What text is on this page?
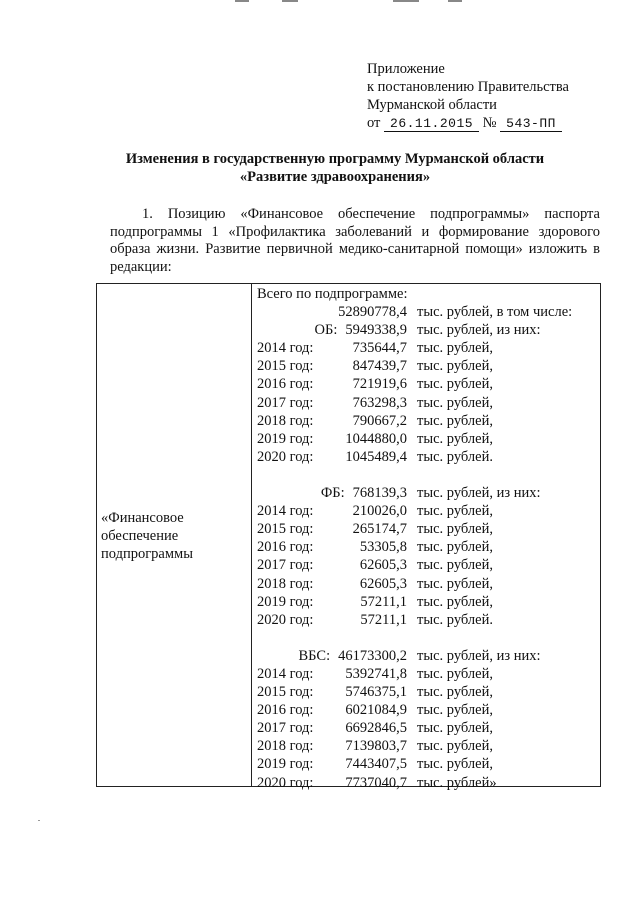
Приложение
к постановлению Правительства
Мурманской области
от 26.11.2015 № 543-ПП
Изменения в государственную программу Мурманской области
«Развитие здравоохранения»
1. Позицию «Финансовое обеспечение подпрограммы» паспорта подпрограммы 1 «Профилактика заболеваний и формирование здорового образа жизни. Развитие первичной медико-санитарной помощи» изложить в редакции:
«Финансовое обеспечение подпрограммы
Всего по подпрограмме:
52890778,4 тыс. рублей, в том числе:
ОБ: 5949338,9 тыс. рублей, из них:
2014 год:	735644,7 тыс. рублей,
2015 год:	847439,7 тыс. рублей,
2016 год:	721919,6 тыс. рублей,
2017 год:	763298,3 тыс. рублей,
2018 год:	790667,2 тыс. рублей,
2019 год: 1044880,0 тыс. рублей,
2020 год: 1045489,4 тыс. рублей.
ФБ: 768139,3 тыс. рублей, из них:
2014 год:	210026,0 тыс. рублей,
2015 год:	265174,7 тыс. рублей,
2016 год:	53305,8 тыс. рублей,
2017 год:	62605,3 тыс. рублей,
2018 год:	62605,3 тыс. рублей,
2019 год:	57211,1 тыс. рублей,
2020 год:	57211,1 тыс. рублей.
ВБС: 46173300,2 тыс. рублей, из них:
2014 год: 5392741,8 тыс. рублей,
2015 год: 5746375,1 тыс. рублей,
2016 год: 6021084,9 тыс. рублей,
2017 год: 6692846,5 тыс. рублей,
2018 год: 7139803,7 тыс. рублей,
2019 год: 7443407,5 тыс. рублей,
2020 год: 7737040,7 тыс. рублей»
